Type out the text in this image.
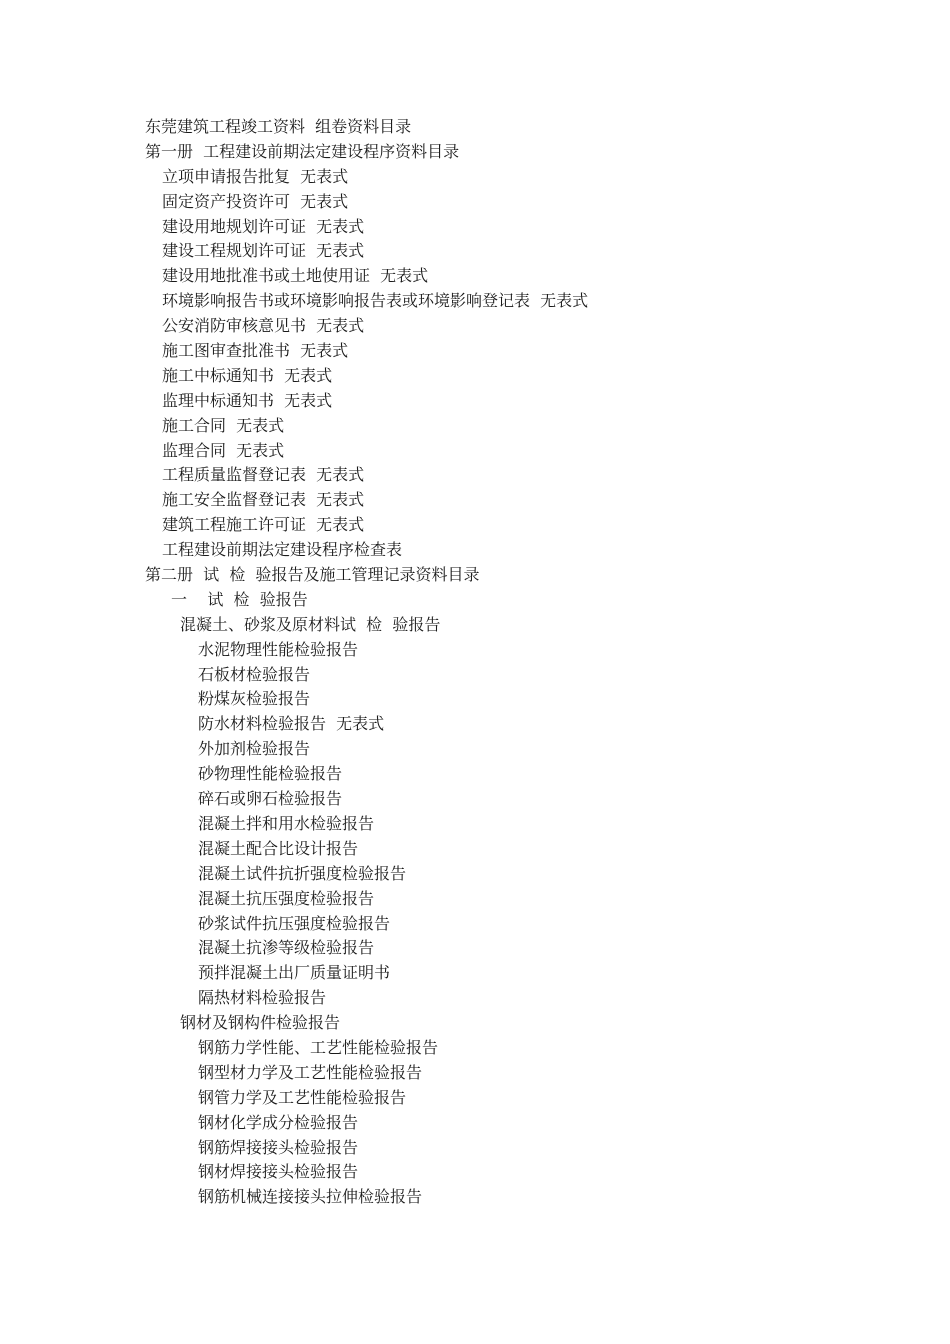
东莞建筑工程竣工资料  组卷资料目录
第一册  工程建设前期法定建设程序资料目录
立项申请报告批复  无表式
固定资产投资许可  无表式
建设用地规划许可证  无表式
建设工程规划许可证  无表式
建设用地批准书或土地使用证  无表式
环境影响报告书或环境影响报告表或环境影响登记表  无表式
公安消防审核意见书  无表式
施工图审查批准书  无表式
施工中标通知书  无表式
监理中标通知书  无表式
施工合同  无表式
监理合同  无表式
工程质量监督登记表  无表式
施工安全监督登记表  无表式
建筑工程施工许可证  无表式
工程建设前期法定建设程序检查表
第二册  试  检  验报告及施工管理记录资料目录
一    试  检  验报告
混凝土、砂浆及原材料试  检  验报告
水泥物理性能检验报告
石板材检验报告
粉煤灰检验报告
防水材料检验报告  无表式
外加剂检验报告
砂物理性能检验报告
碎石或卵石检验报告
混凝土拌和用水检验报告
混凝土配合比设计报告
混凝土试件抗折强度检验报告
混凝土抗压强度检验报告
砂浆试件抗压强度检验报告
混凝土抗渗等级检验报告
预拌混凝土出厂质量证明书
隔热材料检验报告
钢材及钢构件检验报告
钢筋力学性能、工艺性能检验报告
钢型材力学及工艺性能检验报告
钢管力学及工艺性能检验报告
钢材化学成分检验报告
钢筋焊接接头检验报告
钢材焊接接头检验报告
钢筋机械连接接头拉伸检验报告
